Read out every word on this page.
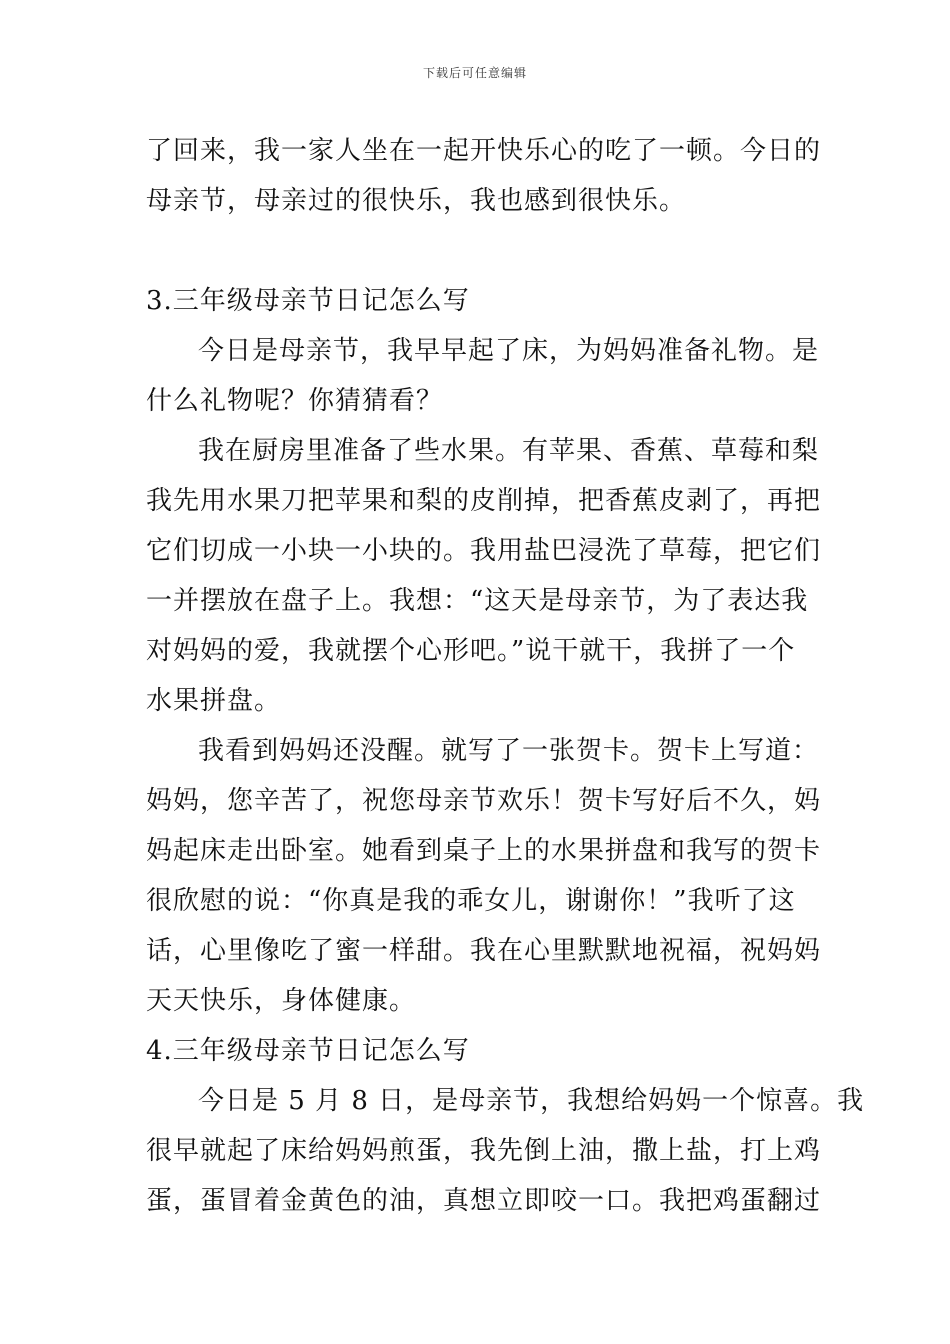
下载后可任意编辑
了回来，我一家人坐在一起开快乐心的吃了一顿。今日的
母亲节，母亲过的很快乐，我也感到很快乐。
3.三年级母亲节日记怎么写
今日是母亲节，我早早起了床，为妈妈准备礼物。是
什么礼物呢？你猜猜看？
我在厨房里准备了些水果。有苹果、香蕉、草莓和梨
我先用水果刀把苹果和梨的皮削掉，把香蕉皮剥了，再把
它们切成一小块一小块的。我用盐巴浸洗了草莓，把它们
一并摆放在盘子上。我想：“这天是母亲节，为了表达我
对妈妈的爱，我就摆个心形吧。”说干就干，我拼了一个
水果拼盘。
我看到妈妈还没醒。就写了一张贺卡。贺卡上写道：
妈妈，您辛苦了，祝您母亲节欢乐！贺卡写好后不久，妈
妈起床走出卧室。她看到桌子上的水果拼盘和我写的贺卡
很欣慰的说：“你真是我的乖女儿，谢谢你！”我听了这
话，心里像吃了蜜一样甜。我在心里默默地祝福，祝妈妈
天天快乐，身体健康。
4.三年级母亲节日记怎么写
今日是 5 月 8 日，是母亲节，我想给妈妈一个惊喜。我
很早就起了床给妈妈煎蛋，我先倒上油，撒上盐，打上鸡
蛋，蛋冒着金黄色的油，真想立即咬一口。我把鸡蛋翻过
